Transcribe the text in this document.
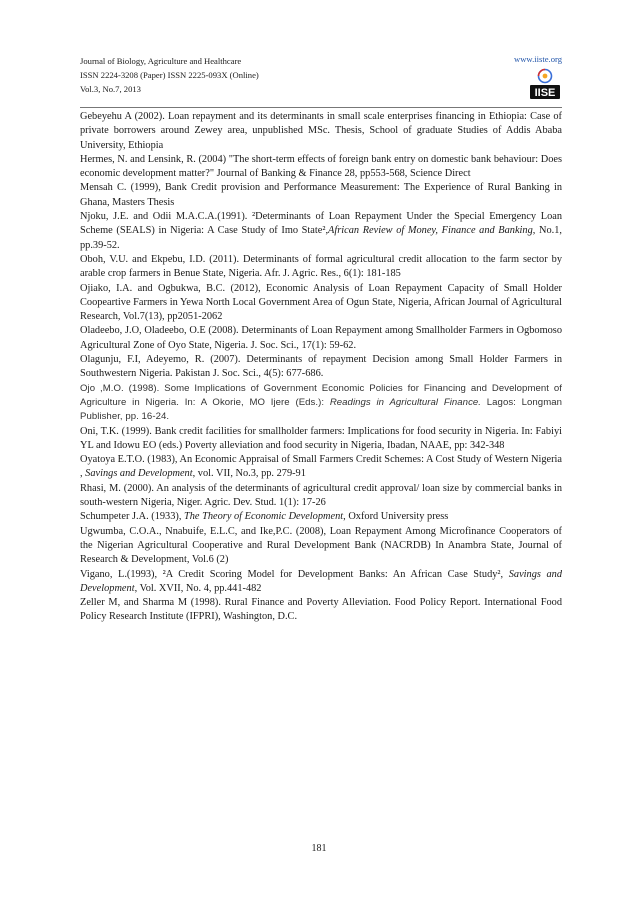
Journal of Biology, Agriculture and Healthcare
ISSN 2224-3208 (Paper) ISSN 2225-093X (Online)
Vol.3, No.7, 2013
www.iiste.org
IISE

Gebeyehu A (2002). Loan repayment and its determinants in small scale enterprises financing in Ethiopia: Case of private borrowers around Zewey area, unpublished MSc. Thesis, School of graduate Studies of Addis Ababa University, Ethiopia

Hermes, N. and Lensink, R. (2004) "The short-term effects of foreign bank entry on domestic bank behaviour: Does economic development matter?" Journal of Banking & Finance 28, pp553-568, Science Direct

Mensah C. (1999), Bank Credit provision and Performance Measurement: The Experience of Rural Banking in Ghana, Masters Thesis

Njoku, J.E. and Odii M.A.C.A.(1991). ²Determinants of Loan Repayment Under the Special Emergency Loan Scheme (SEALS) in Nigeria: A Case Study of Imo State²,African Review of Money, Finance and Banking, No.1, pp.39-52.

Oboh, V.U. and Ekpebu, I.D. (2011). Determinants of formal agricultural credit allocation to the farm sector by arable crop farmers in Benue State, Nigeria. Afr. J. Agric. Res., 6(1): 181-185

Ojiako, I.A. and Ogbukwa, B.C. (2012), Economic Analysis of Loan Repayment Capacity of Small Holder Coopeartive Farmers in Yewa North Local Government Area of Ogun State, Nigeria, African Journal of Agricultural Research, Vol.7(13), pp2051-2062

Oladeebo, J.O, Oladeebo, O.E (2008). Determinants of Loan Repayment among Smallholder Farmers in Ogbomoso Agricultural Zone of Oyo State, Nigeria. J. Soc. Sci., 17(1): 59-62.

Olagunju, F.I, Adeyemo, R. (2007). Determinants of repayment Decision among Small Holder Farmers in Southwestern Nigeria. Pakistan J. Soc. Sci., 4(5): 677-686.

Ojo ,M.O. (1998). Some Implications of Government Economic Policies for Financing and Development of Agriculture in Nigeria. In: A Okorie, MO Ijere (Eds.): Readings in Agricultural Finance. Lagos: Longman Publisher, pp. 16-24.

Oni, T.K. (1999). Bank credit facilities for smallholder farmers: Implications for food security in Nigeria. In: Fabiyi YL and Idowu EO (eds.) Poverty alleviation and food security in Nigeria, Ibadan, NAAE, pp: 342-348

Oyatoya E.T.O. (1983), An Economic Appraisal of Small Farmers Credit Schemes: A Cost Study of Western Nigeria , Savings and Development, vol. VII, No.3, pp. 279-91

Rhasi, M. (2000). An analysis of the determinants of agricultural credit approval/ loan size by commercial banks in south-western Nigeria, Niger. Agric. Dev. Stud. 1(1): 17-26

Schumpeter J.A. (1933), The Theory of Economic Development, Oxford University press

Ugwumba, C.O.A., Nnabuife, E.L.C, and Ike,P.C. (2008), Loan Repayment Among Microfinance Cooperators of the Nigerian Agricultural Cooperative and Rural Development Bank (NACRDB) In Anambra State, Journal of Research & Development, Vol.6 (2)

Vigano, L.(1993), ²A Credit Scoring Model for Development Banks: An African Case Study², Savings and Development, Vol. XVII, No. 4, pp.441-482

Zeller M, and Sharma M (1998). Rural Finance and Poverty Alleviation. Food Policy Report. International Food Policy Research Institute (IFPRI), Washington, D.C.

181
